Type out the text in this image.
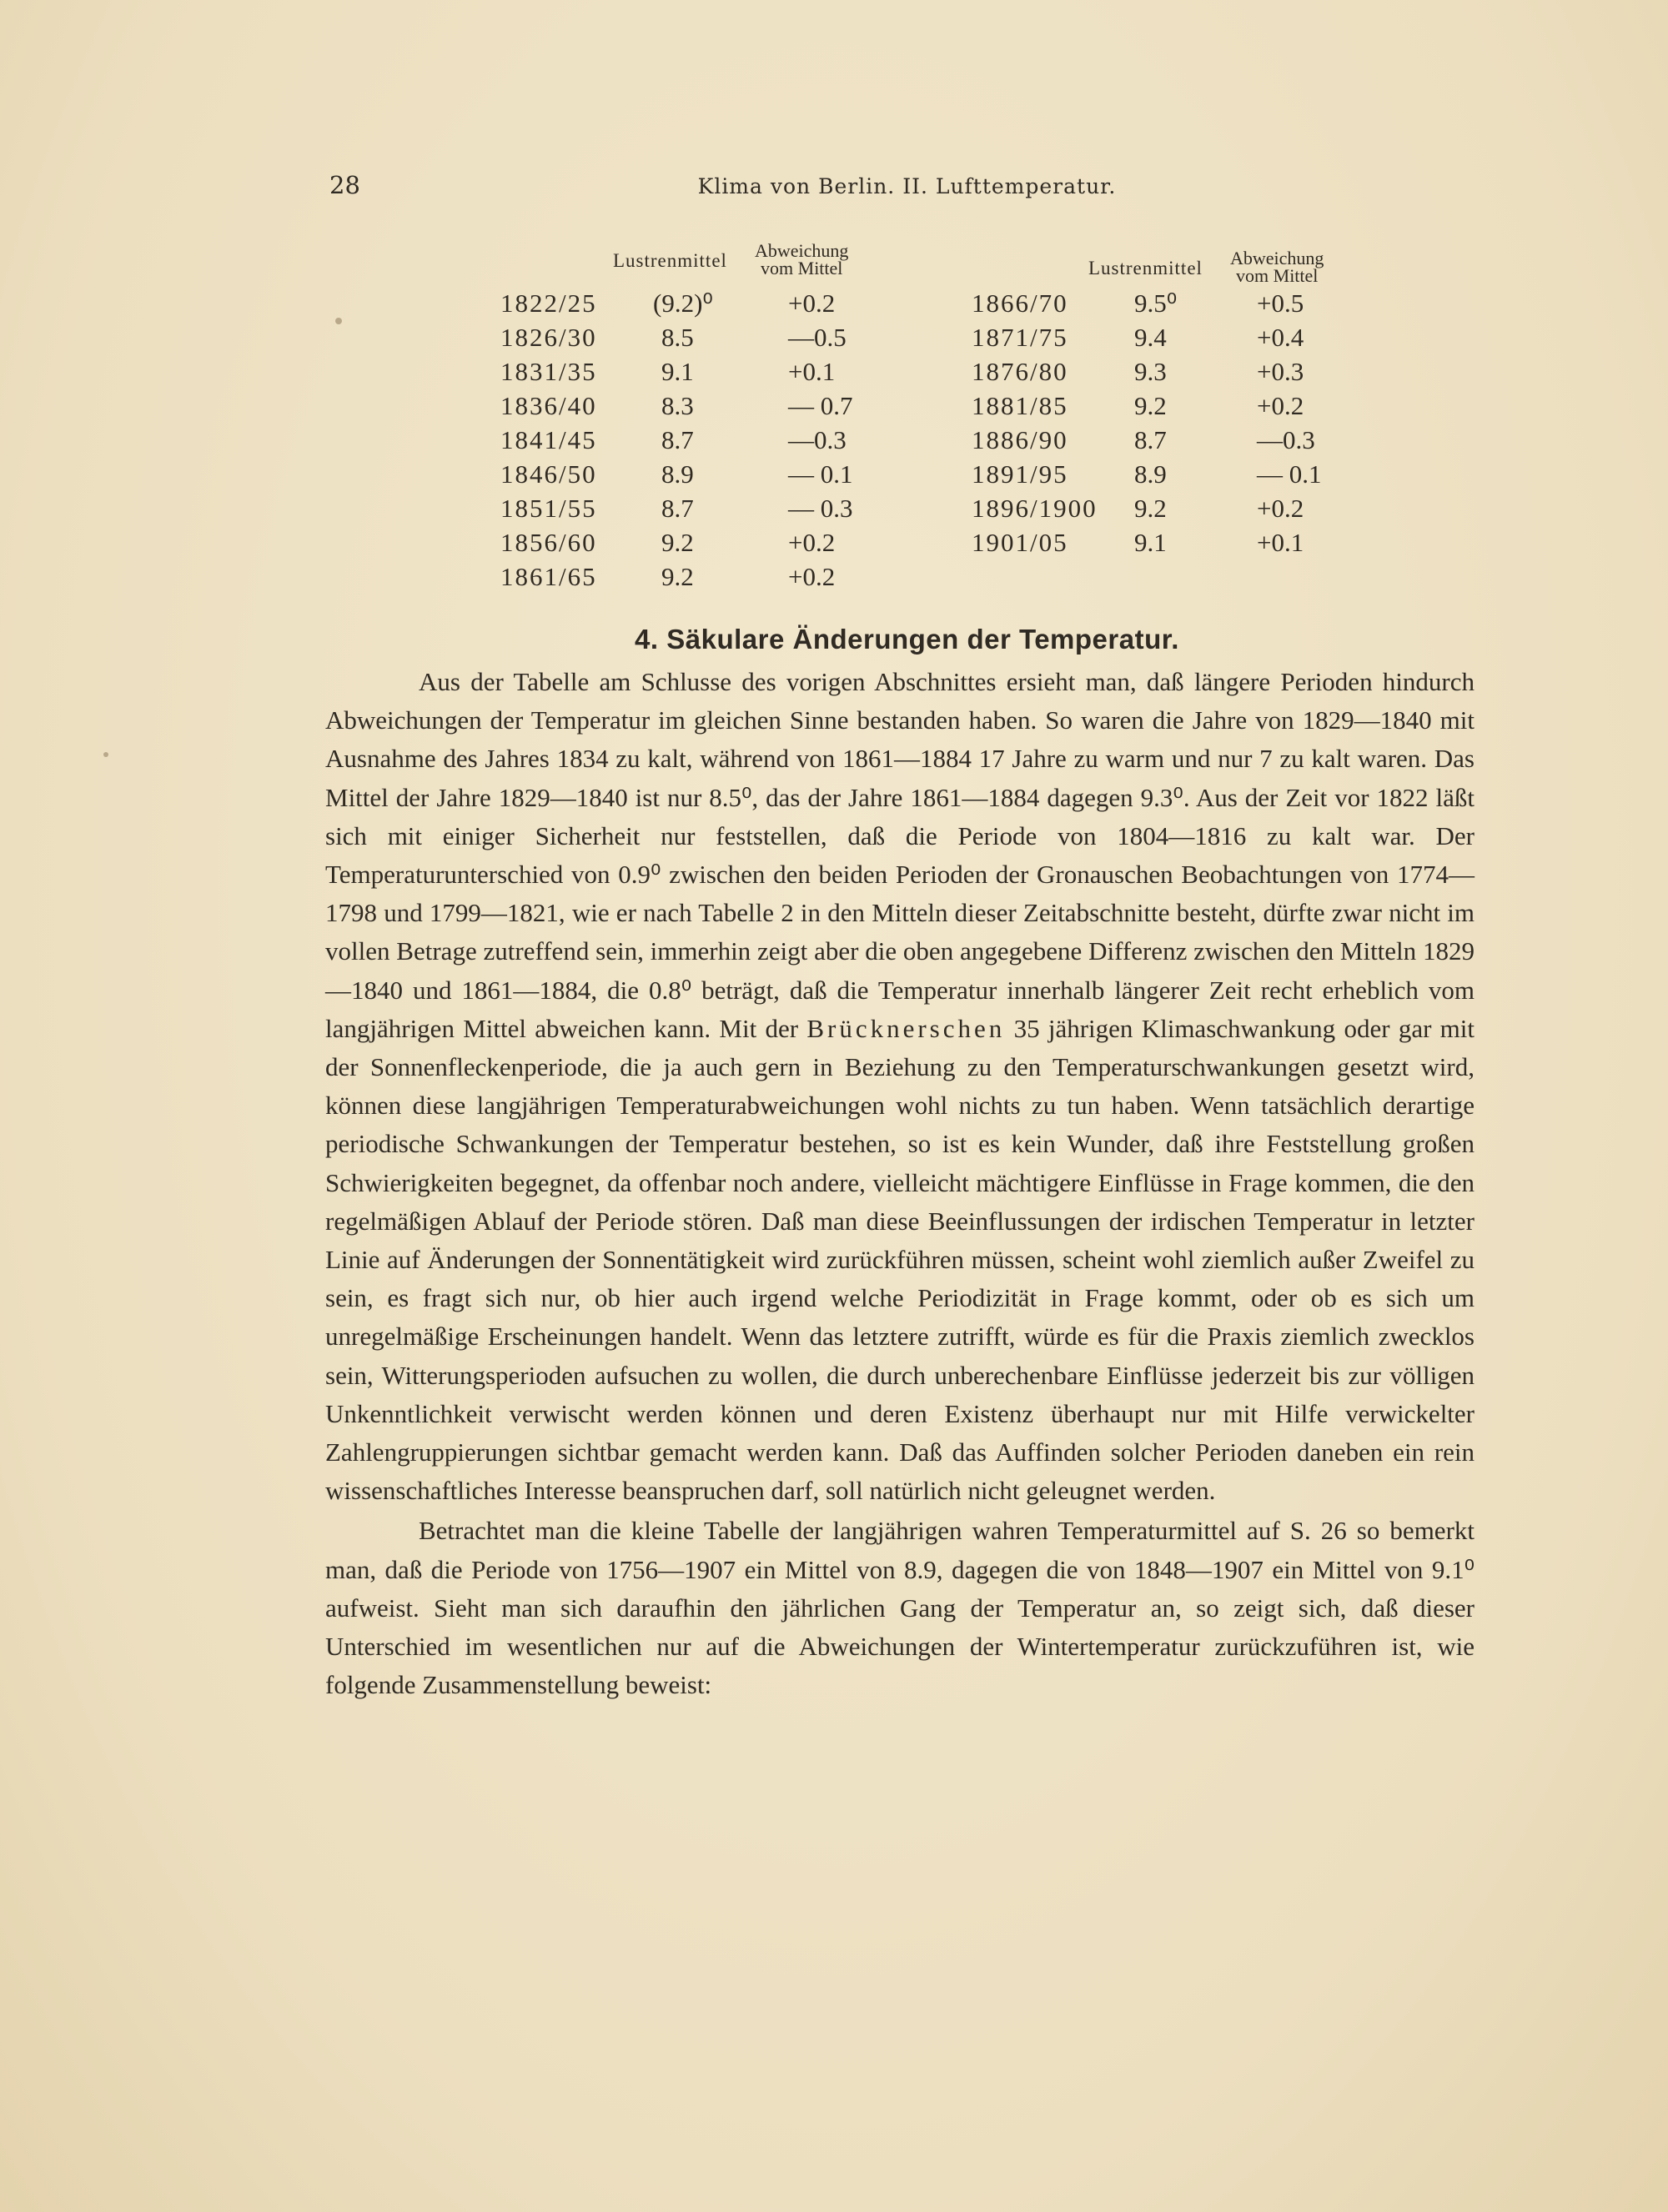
28	Klima von Berlin. II. Lufttemperatur.
Lustrenmittel Abweichung
vom Mittel
1822/25 (9.2)⁰	+0.2
1826/30 8.5	—0.5
1831/35 9.1	+0.1
1836/40 8.3	— 0.7
1841/45 8.7	—0.3
1846/50 8.9	— 0.1
1851/55 8.7	— 0.3
1856/60 9.2	+0.2
1861/65 9.2	+0.2
Lustrenmittel Abweichung
vom Mittel
1866/70	9.5⁰	+0.5
1871/75	9.4	+0.4
1876/80	9.3	+0.3
1881/85	9.2	+0.2
1886/90	8.7	—0.3
1891/95	8.9	— 0.1
1896/1900 9.2	+0.2
1901/05	9.1	+0.1
4. Säkulare Änderungen der Temperatur.

Aus der Tabelle am Schlusse des vorigen Abschnittes ersieht man, daß längere Perioden hindurch Abweichungen der Temperatur im gleichen Sinne bestanden haben. So waren die Jahre von 1829—1840 mit Ausnahme des Jahres 1834 zu kalt, während von 1861—1884 17 Jahre zu warm und nur 7 zu kalt waren. Das Mittel der Jahre 1829—1840 ist nur 8.5⁰, das der Jahre 1861—1884 dagegen 9.3⁰. Aus der Zeit vor 1822 läßt sich mit einiger Sicherheit nur feststellen, daß die Periode von 1804—1816 zu kalt war. Der Temperaturunterschied von 0.9⁰ zwischen den beiden Perioden der Gronauschen Beobachtungen von 1774—1798 und 1799—1821, wie er nach Tabelle 2 in den Mitteln dieser Zeitabschnitte besteht, dürfte zwar nicht im vollen Betrage zutreffend sein, immerhin zeigt aber die oben angegebene Differenz zwischen den Mitteln 1829—1840 und 1861—1884, die 0.8⁰ beträgt, daß die Temperatur innerhalb längerer Zeit recht erheblich vom langjährigen Mittel abweichen kann. Mit der Brücknerschen 35 jährigen Klimaschwankung oder gar mit der Sonnenfleckenperiode, die ja auch gern in Beziehung zu den Temperaturschwankungen gesetzt wird, können diese langjährigen Temperaturabweichungen wohl nichts zu tun haben. Wenn tatsächlich derartige periodische Schwankungen der Temperatur bestehen, so ist es kein Wunder, daß ihre Feststellung großen Schwierigkeiten begegnet, da offenbar noch andere, vielleicht mächtigere Einflüsse in Frage kommen, die den regelmäßigen Ablauf der Periode stören. Daß man diese Beeinflussungen der irdischen Temperatur in letzter Linie auf Änderungen der Sonnentätigkeit wird zurückführen müssen, scheint wohl ziemlich außer Zweifel zu sein, es fragt sich nur, ob hier auch irgend welche Periodizität in Frage kommt, oder ob es sich um unregelmäßige Erscheinungen handelt. Wenn das letztere zutrifft, würde es für die Praxis ziemlich zwecklos sein, Witterungsperioden aufsuchen zu wollen, die durch unberechenbare Einflüsse jederzeit bis zur völligen Unkenntlichkeit verwischt werden können und deren Existenz überhaupt nur mit Hilfe verwickelter Zahlengruppierungen sichtbar gemacht werden kann. Daß das Auffinden solcher Perioden daneben ein rein wissenschaftliches Interesse beanspruchen darf, soll natürlich nicht geleugnet werden.

Betrachtet man die kleine Tabelle der langjährigen wahren Temperaturmittel auf S. 26 so bemerkt man, daß die Periode von 1756—1907 ein Mittel von 8.9, dagegen die von 1848—1907 ein Mittel von 9.1⁰ aufweist. Sieht man sich daraufhin den jährlichen Gang der Temperatur an, so zeigt sich, daß dieser Unterschied im wesentlichen nur auf die Abweichungen der Wintertemperatur zurückzuführen ist, wie folgende Zusammenstellung beweist:
